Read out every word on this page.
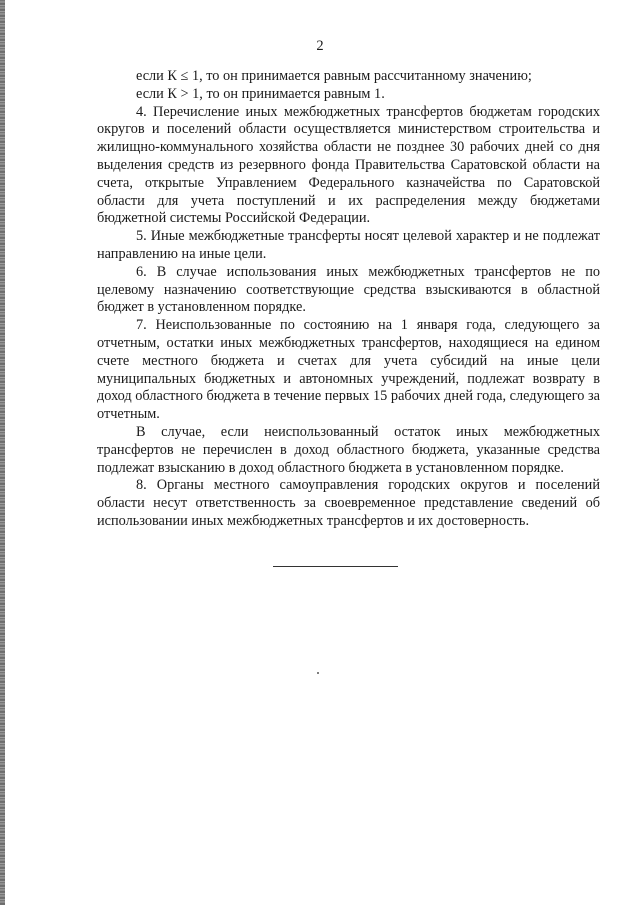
2

если К ≤ 1, то он принимается равным рассчитанному значению;

если К > 1, то он принимается равным 1.

4. Перечисление иных межбюджетных трансфертов бюджетам городских округов и поселений области осуществляется министерством строительства и жилищно-коммунального хозяйства области не позднее 30 рабочих дней со дня выделения средств из резервного фонда Правительства Саратовской области на счета, открытые Управлением Федерального казначейства по Саратовской области для учета поступлений и их распределения между бюджетами бюджетной системы Российской Федерации.

5. Иные межбюджетные трансферты носят целевой характер и не подлежат направлению на иные цели.

6. В случае использования иных межбюджетных трансфертов не по целевому назначению соответствующие средства взыскиваются в областной бюджет в установленном порядке.

7. Неиспользованные по состоянию на 1 января года, следующего за отчетным, остатки иных межбюджетных трансфертов, находящиеся на едином счете местного бюджета и счетах для учета субсидий на иные цели муниципальных бюджетных и автономных учреждений, подлежат возврату в доход областного бюджета в течение первых 15 рабочих дней года, следующего за отчетным.

В случае, если неиспользованный остаток иных межбюджетных трансфертов не перечислен в доход областного бюджета, указанные средства подлежат взысканию в доход областного бюджета в установленном порядке.

8. Органы местного самоуправления городских округов и поселений области несут ответственность за своевременное представление сведений об использовании иных межбюджетных трансфертов и их достоверность.
